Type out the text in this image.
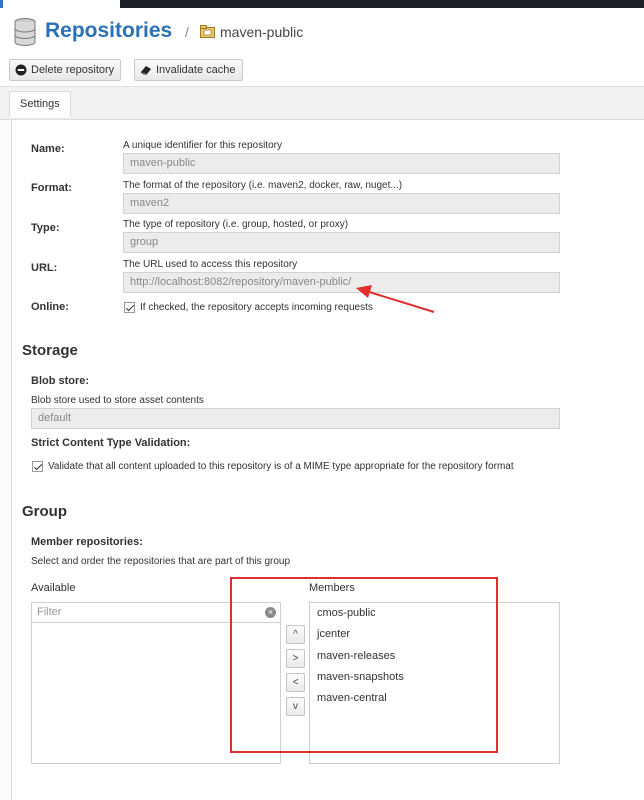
Repositories / maven-public
Delete repository	Invalidate cache
Settings
Name:	A unique identifier for this repository
maven-public
Format:	The format of the repository (i.e. maven2, docker, raw, nuget...)
maven2
Type:	The type of repository (i.e. group, hosted, or proxy)
group
URL:	The URL used to access this repository
http://localhost:8082/repository/maven-public/
Online:	If checked, the repository accepts incoming requests
Storage
Blob store:
Blob store used to store asset contents
default
Strict Content Type Validation:
Validate that all content uploaded to this repository is of a MIME type appropriate for the repository format
Group
Member repositories:
Select and order the repositories that are part of this group
Available	Members
Filter	×
^
>
<
v
cmos-public
jcenter
maven-releases
maven-snapshots
maven-central
